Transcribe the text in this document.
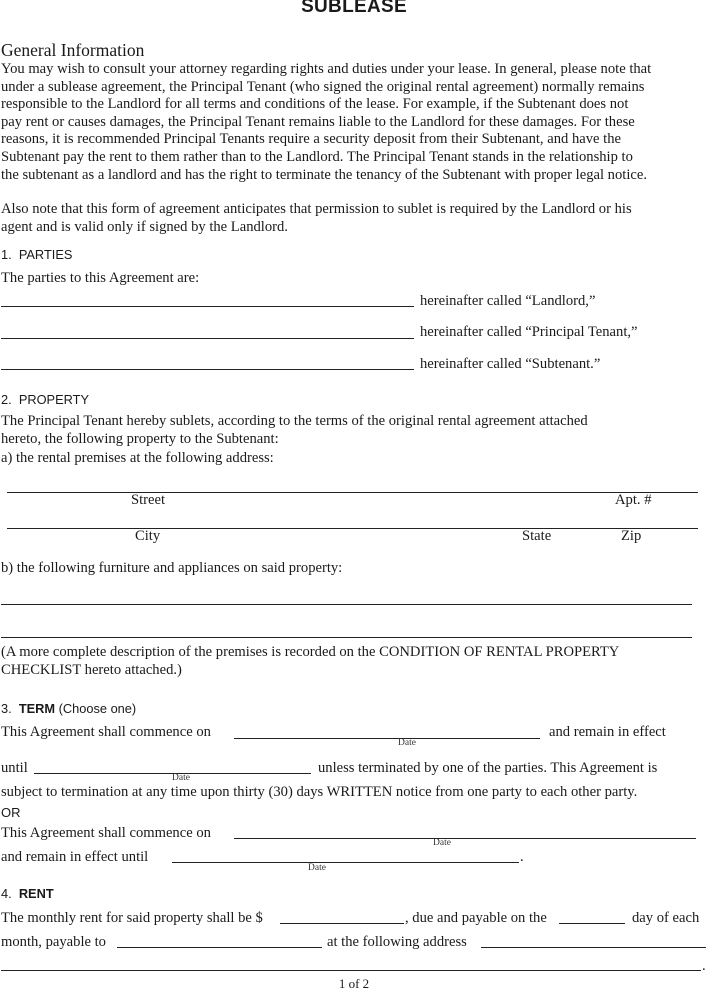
SUBLEASE
General Information
You may wish to consult your attorney regarding rights and duties under your lease. In general, please note that
under a sublease agreement, the Principal Tenant (who signed the original rental agreement) normally remains
responsible to the Landlord for all terms and conditions of the lease. For example, if the Subtenant does not
pay rent or causes damages, the Principal Tenant remains liable to the Landlord for these damages. For these
reasons, it is recommended Principal Tenants require a security deposit from their Subtenant, and have the
Subtenant pay the rent to them rather than to the Landlord. The Principal Tenant stands in the relationship to
the subtenant as a landlord and has the right to terminate the tenancy of the Subtenant with proper legal notice.
Also note that this form of agreement anticipates that permission to sublet is required by the Landlord or his
agent and is valid only if signed by the Landlord.
1. PARTIES
The parties to this Agreement are:
hereinafter called “Landlord,”
hereinafter called “Principal Tenant,”
hereinafter called “Subtenant.”
2. PROPERTY
The Principal Tenant hereby sublets, according to the terms of the original rental agreement attached
hereto, the following property to the Subtenant:
a) the rental premises at the following address:
Street	Apt. #
City	State	Zip
b) the following furniture and appliances on said property:
(A more complete description of the premises is recorded on the CONDITION OF RENTAL PROPERTY
CHECKLIST hereto attached.)
3. TERM (Choose one)
This Agreement shall commence on
Date
and remain in effect
until
Date
unless terminated by one of the parties. This Agreement is
subject to termination at any time upon thirty (30) days WRITTEN notice from one party to each other party.
OR
This Agreement shall commence on
Date
and remain in effect until
Date
.
4. RENT
The monthly rent for said property shall be $	, due and payable on the	day of each
month, payable to	at the following address
.
1 of 2
